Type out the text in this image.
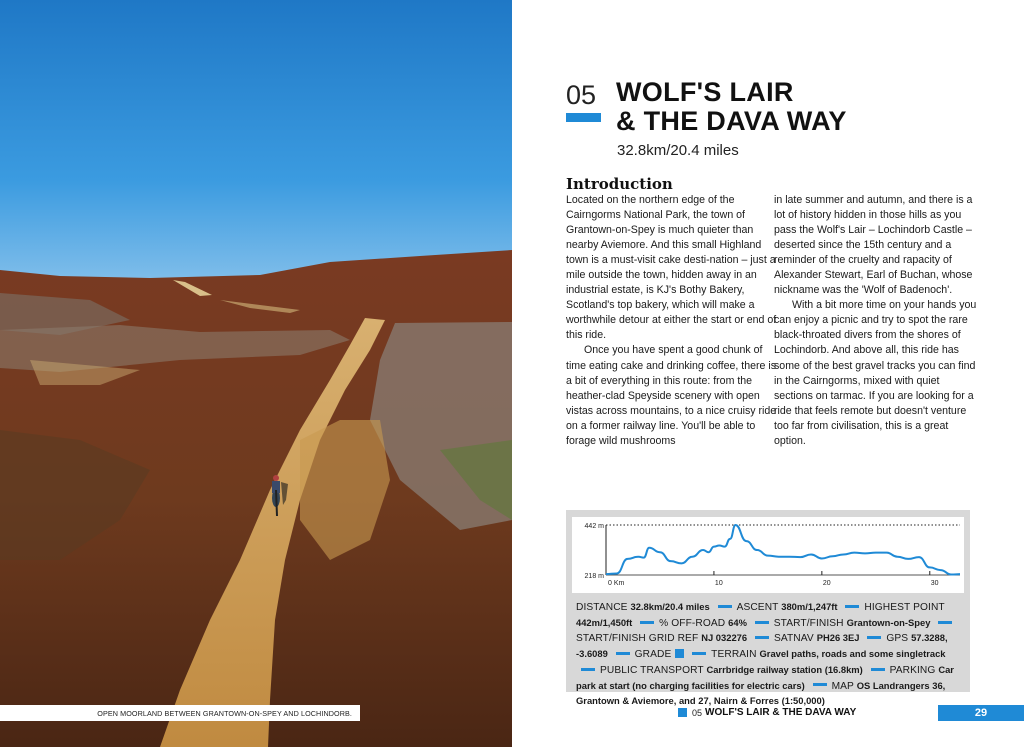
OPEN MOORLAND BETWEEN GRANTOWN-ON-SPEY AND LOCHINDORB.
05 WOLF'S LAIR
& THE DAVA WAY
32.8km/20.4 miles
Introduction

Located on the northern edge of the Cairngorms National Park, the town of Grantown-on-Spey is much quieter than nearby Aviemore. And this small Highland town is a must-visit cake desti-nation – just a mile outside the town, hidden away in an industrial estate, is KJ's Bothy Bakery, Scotland's top bakery, which will make a worthwhile detour at either the start or end of this ride.

Once you have spent a good chunk of time eating cake and drinking coffee, there is a bit of everything in this route: from the heather-clad Speyside scenery with open vistas across mountains, to a nice cruisy ride on a former railway line. You'll be able to forage wild mushrooms

in late summer and autumn, and there is a lot of history hidden in those hills as you pass the Wolf's Lair – Lochindorb Castle – deserted since the 15th century and a reminder of the cruelty and rapacity of Alexander Stewart, Earl of Buchan, whose nickname was the 'Wolf of Badenoch'.

With a bit more time on your hands you can enjoy a picnic and try to spot the rare black-throated divers from the shores of Lochindorb. And above all, this ride has some of the best gravel tracks you can find in the Cairngorms, mixed with quiet sections on tarmac. If you are looking for a ride that feels remote but doesn't venture too far from civilisation, this is a great option.

442 m
218 m
0 Km	10	20	30
DISTANCE 32.8km/20.4 miles	ASCENT 380m/1,247ft	HIGHEST POINT 442m/1,450ft	% OFF-ROAD 64%	START/FINISH Grantown-on-Spey START/FINISH GRID REF NJ 032276	SATNAV PH26 3EJ	GPS 57.3288, -3.6089	GRADE	TERRAIN Gravel paths, roads and some singletrack PUBLIC TRANSPORT Carrbridge railway station (16.8km)	PARKING Car park at start (no charging facilities for electric cars)	MAP OS Landrangers 36, Grantown & Aviemore, and 27, Nairn & Forres (1:50,000)
05 WOLF'S LAIR & THE DAVA WAY	29
